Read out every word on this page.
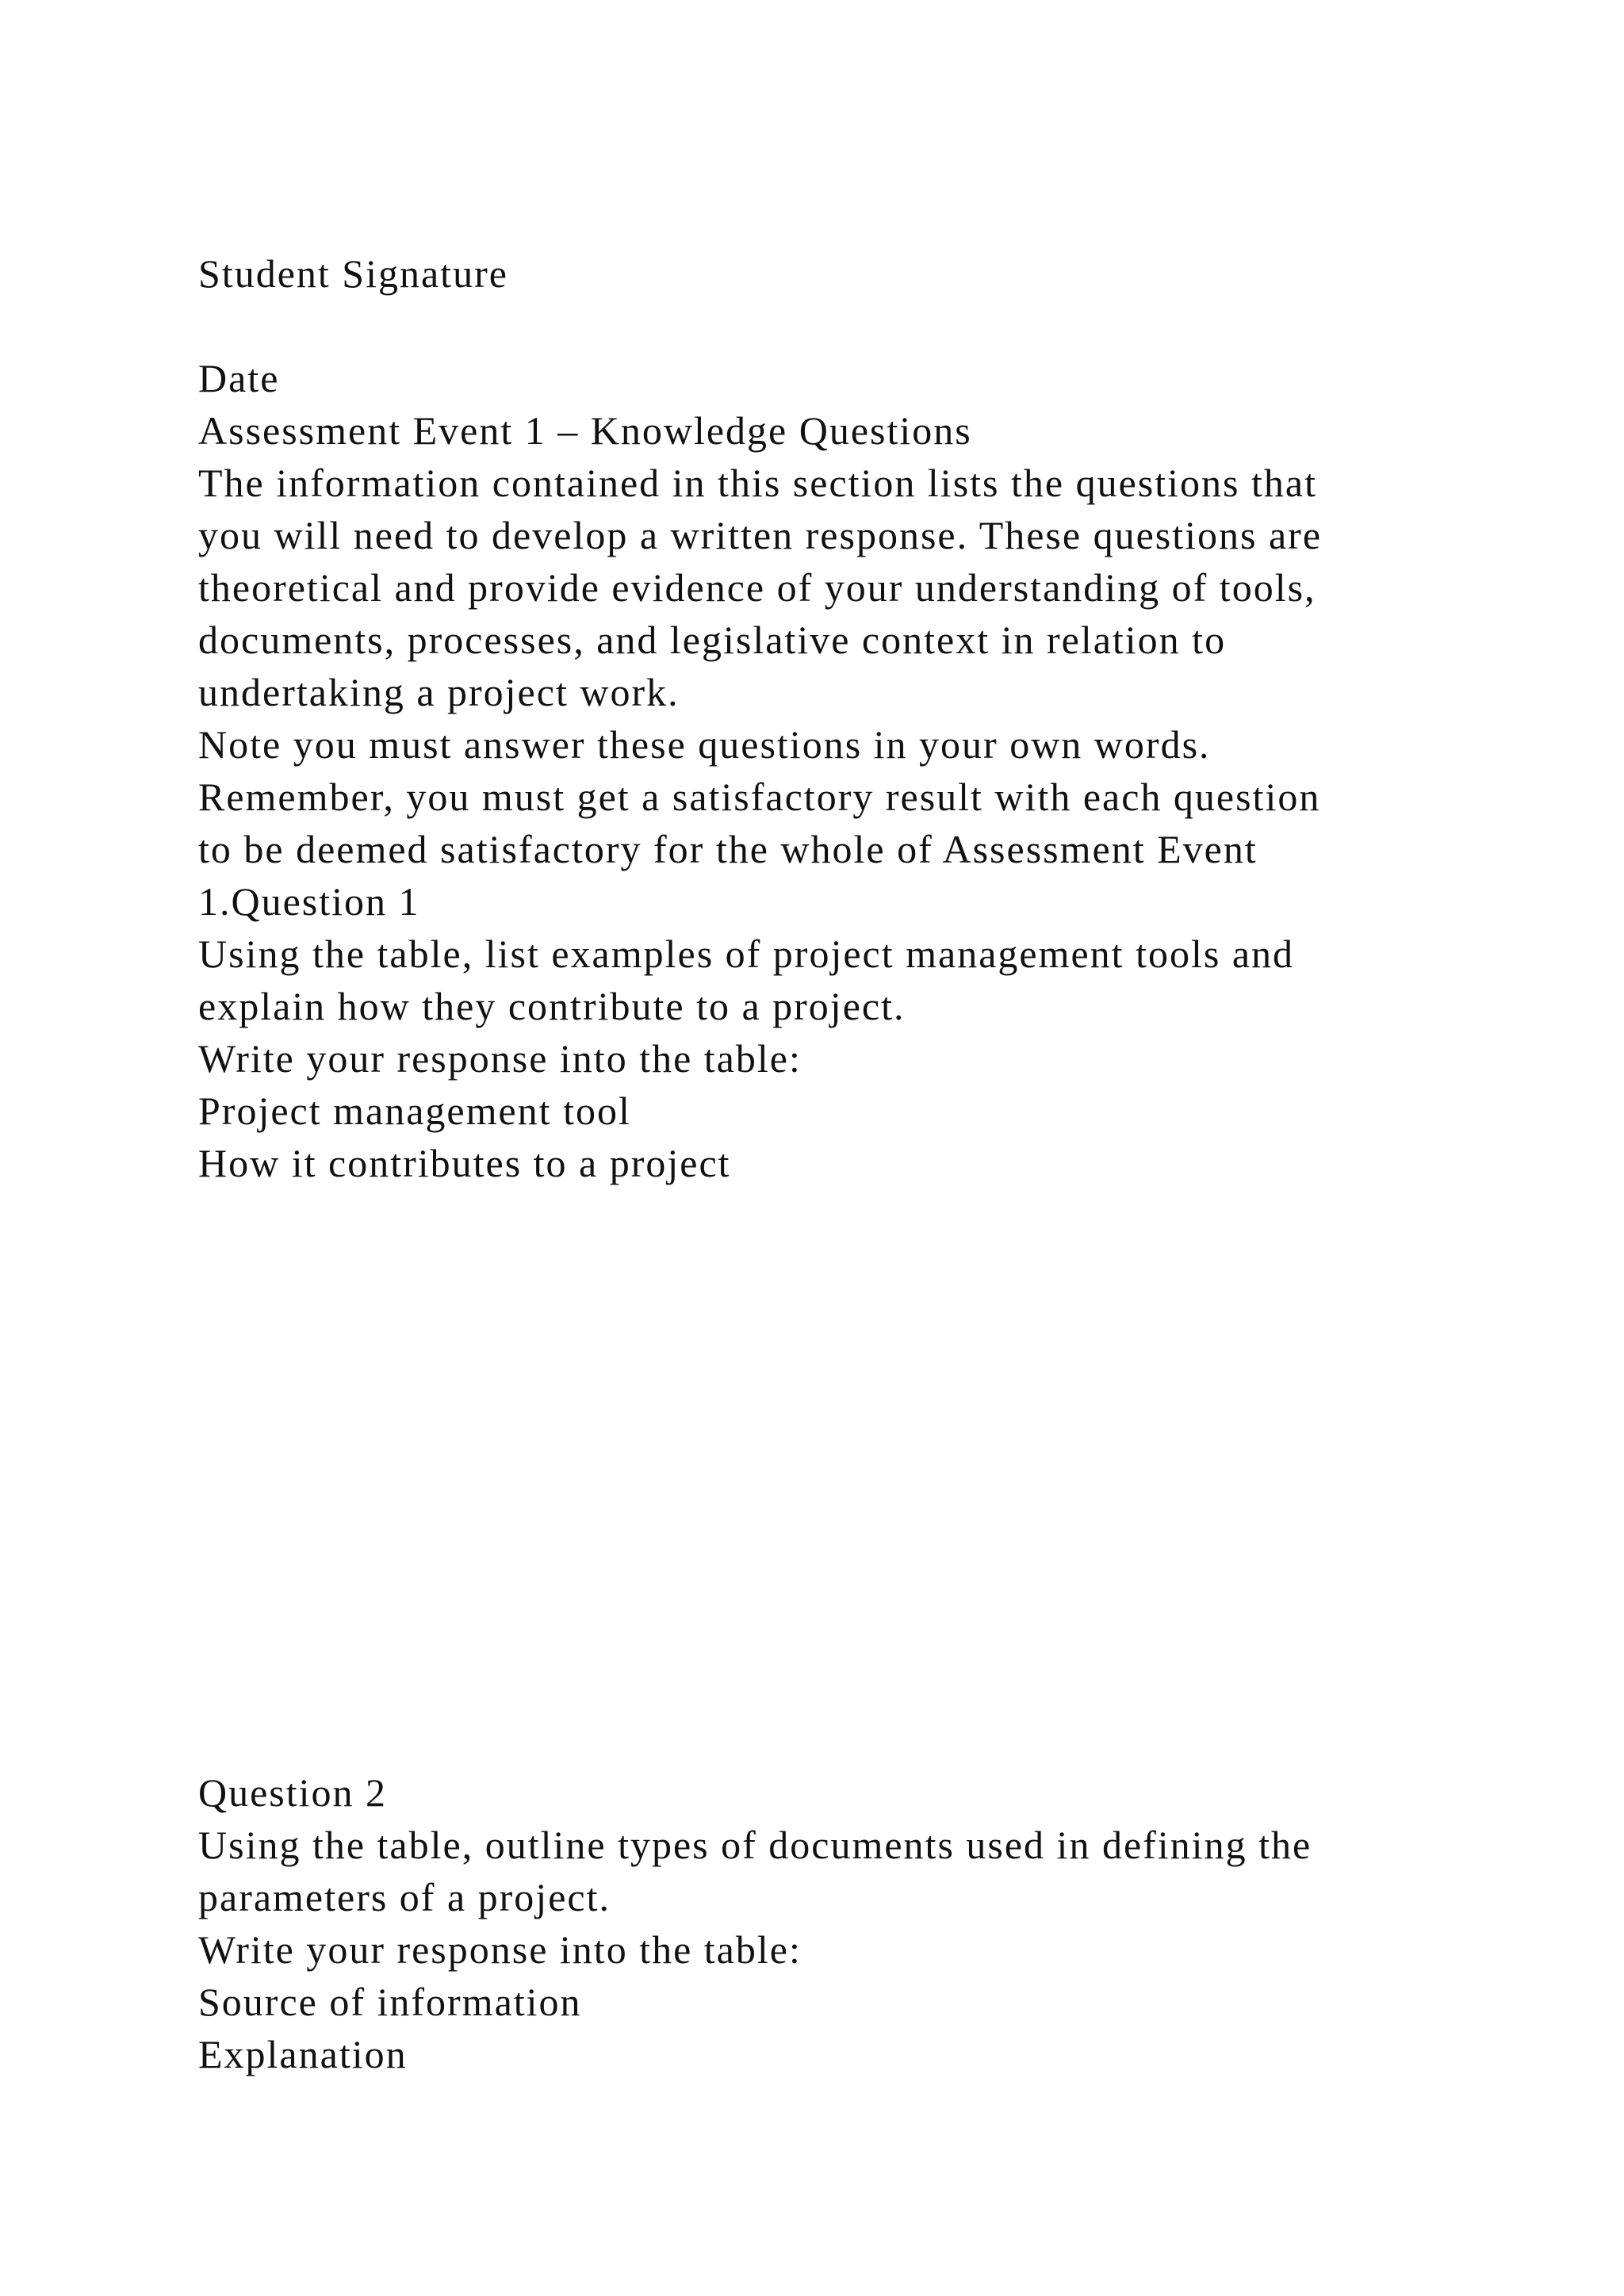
Student Signature

Date

Assessment Event 1 – Knowledge Questions

The information contained in this section lists the questions that

you will need to develop a written response. These questions are

theoretical and provide evidence of your understanding of tools,

documents, processes, and legislative context in relation to

undertaking a project work.

Note you must answer these questions in your own words.

Remember, you must get a satisfactory result with each question

to be deemed satisfactory for the whole of Assessment Event

1.Question 1

Using the table, list examples of project management tools and

explain how they contribute to a project.

Write your response into the table:

Project management tool

How it contributes to a project

Question 2

Using the table, outline types of documents used in defining the

parameters of a project.

Write your response into the table:

Source of information

Explanation
